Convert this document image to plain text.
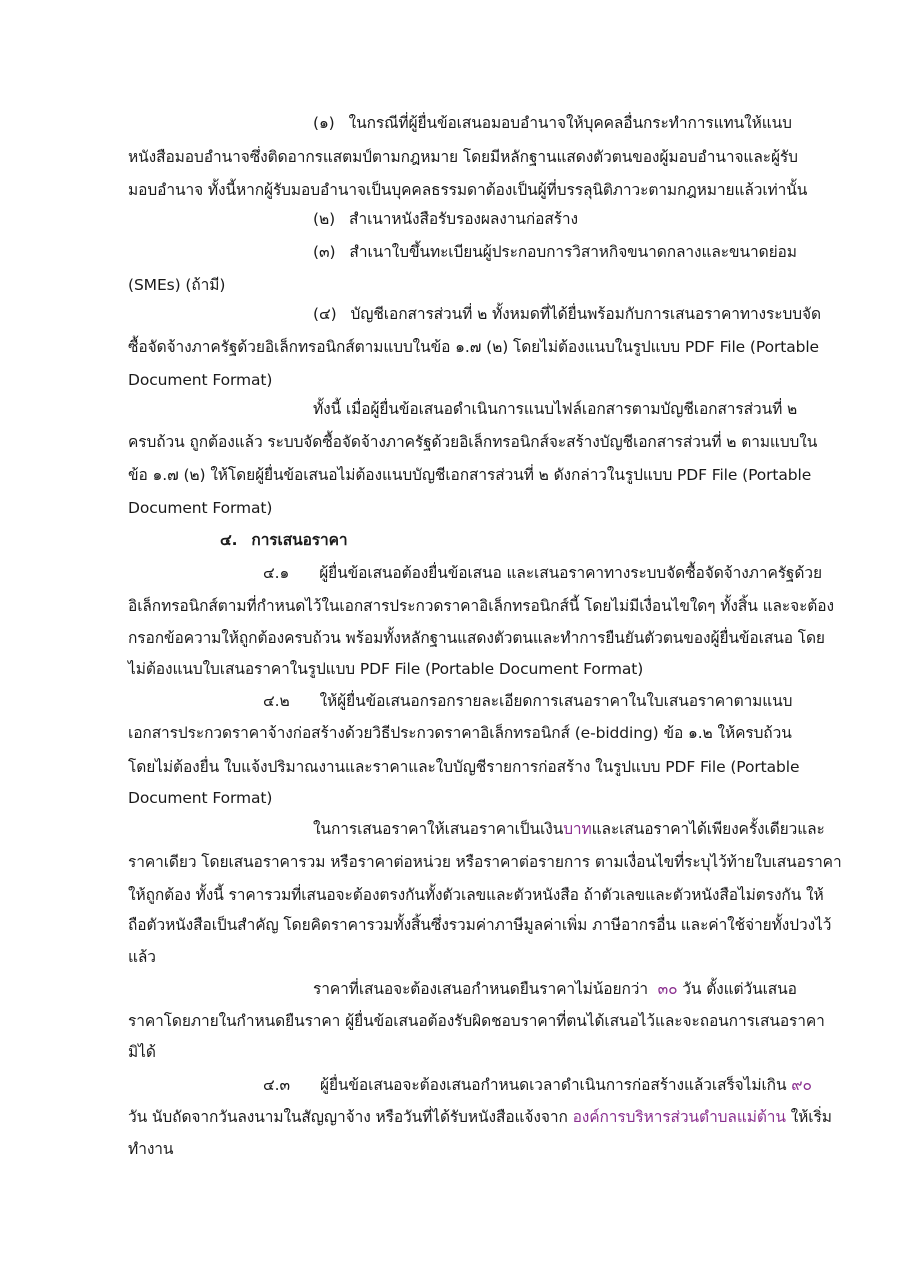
(๑) ในกรณีที่ผู้ยื่นข้อเสนอมอบอำนาจให้บุคคลอื่นกระทำการแทนให้แนบ
หนังสือมอบอำนาจซึ่งติดอากรแสตมป์ตามกฎหมาย โดยมีหลักฐานแสดงตัวตนของผู้มอบอำนาจและผู้รับ
มอบอำนาจ ทั้งนี้หากผู้รับมอบอำนาจเป็นบุคคลธรรมดาต้องเป็นผู้ที่บรรลุนิติภาวะตามกฎหมายแล้วเท่านั้น
(๒) สำเนาหนังสือรับรองผลงานก่อสร้าง
(๓) สำเนาใบขึ้นทะเบียนผู้ประกอบการวิสาหกิจขนาดกลางและขนาดย่อม
(SMEs) (ถ้ามี)
(๔) บัญชีเอกสารส่วนที่ ๒ ทั้งหมดที่ได้ยื่นพร้อมกับการเสนอราคาทางระบบจัด
ซื้อจัดจ้างภาครัฐด้วยอิเล็กทรอนิกส์ตามแบบในข้อ ๑.๗ (๒) โดยไม่ต้องแนบในรูปแบบ PDF File (Portable
Document Format)
ทั้งนี้ เมื่อผู้ยื่นข้อเสนอดำเนินการแนบไฟล์เอกสารตามบัญชีเอกสารส่วนที่ ๒
ครบถ้วน ถูกต้องแล้ว ระบบจัดซื้อจัดจ้างภาครัฐด้วยอิเล็กทรอนิกส์จะสร้างบัญชีเอกสารส่วนที่ ๒ ตามแบบใน
ข้อ ๑.๗ (๒) ให้โดยผู้ยื่นข้อเสนอไม่ต้องแนบบัญชีเอกสารส่วนที่ ๒ ดังกล่าวในรูปแบบ PDF File (Portable
Document Format)
๔. การเสนอราคา
๔.๑ ผู้ยื่นข้อเสนอต้องยื่นข้อเสนอ และเสนอราคาทางระบบจัดซื้อจัดจ้างภาครัฐด้วย
อิเล็กทรอนิกส์ตามที่กำหนดไว้ในเอกสารประกวดราคาอิเล็กทรอนิกส์นี้ โดยไม่มีเงื่อนไขใดๆ ทั้งสิ้น และจะต้อง
กรอกข้อความให้ถูกต้องครบถ้วน พร้อมทั้งหลักฐานแสดงตัวตนและทำการยืนยันตัวตนของผู้ยื่นข้อเสนอ โดย
ไม่ต้องแนบใบเสนอราคาในรูปแบบ PDF File (Portable Document Format)
๔.๒ ให้ผู้ยื่นข้อเสนอกรอกรายละเอียดการเสนอราคาในใบเสนอราคาตามแนบ
เอกสารประกวดราคาจ้างก่อสร้างด้วยวิธีประกวดราคาอิเล็กทรอนิกส์ (e-bidding) ข้อ ๑.๒ ให้ครบถ้วน
โดยไม่ต้องยื่น ใบแจ้งปริมาณงานและราคาและใบบัญชีรายการก่อสร้าง ในรูปแบบ PDF File (Portable
Document Format)
ในการเสนอราคาให้เสนอราคาเป็นเงินบาทและเสนอราคาได้เพียงครั้งเดียวและ
ราคาเดียว โดยเสนอราคารวม หรือราคาต่อหน่วย หรือราคาต่อรายการ ตามเงื่อนไขที่ระบุไว้ท้ายใบเสนอราคา
ให้ถูกต้อง ทั้งนี้ ราคารวมที่เสนอจะต้องตรงกันทั้งตัวเลขและตัวหนังสือ ถ้าตัวเลขและตัวหนังสือไม่ตรงกัน ให้
ถือตัวหนังสือเป็นสำคัญ โดยคิดราคารวมทั้งสิ้นซึ่งรวมค่าภาษีมูลค่าเพิ่ม ภาษีอากรอื่น และค่าใช้จ่ายทั้งปวงไว้
แล้ว
ราคาที่เสนอจะต้องเสนอกำหนดยืนราคาไม่น้อยกว่า ๓๐ วัน ตั้งแต่วันเสนอ
ราคาโดยภายในกำหนดยืนราคา ผู้ยื่นข้อเสนอต้องรับผิดชอบราคาที่ตนได้เสนอไว้และจะถอนการเสนอราคา
มิได้
๔.๓ ผู้ยื่นข้อเสนอจะต้องเสนอกำหนดเวลาดำเนินการก่อสร้างแล้วเสร็จไม่เกิน ๙๐
วัน นับถัดจากวันลงนามในสัญญาจ้าง หรือวันที่ได้รับหนังสือแจ้งจาก องค์การบริหารส่วนตำบลแม่ต้าน ให้เริ่ม
ทำงาน
